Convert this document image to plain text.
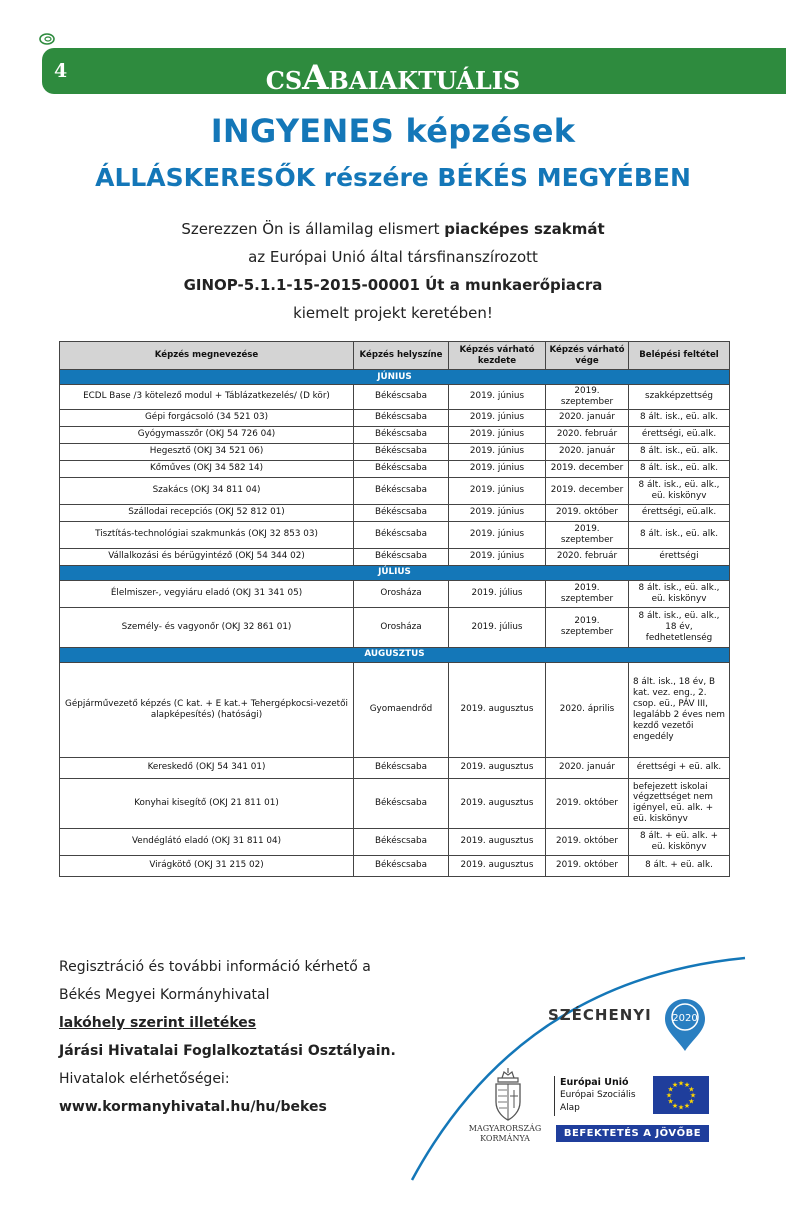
4	CSABAIAKTUÁLIS
INGYENES képzések
ÁLLÁSKERESŐK részére BÉKÉS MEGYÉBEN
Szerezzen Ön is államilag elismert piacképes szakmát
az Európai Unió által társfinanszírozott
GINOP-5.1.1-15-2015-00001 Út a munkaerőpiacra
kiemelt projekt keretében!
Képzés megnevezése	Képzés helyszíne	Képzés várható kezdete	Képzés várható vége	Belépési feltétel
JÚNIUS				
ECDL Base /3 kötelező modul + Táblázatkezelés/ (D kör)	Békéscsaba	2019. június	2019. szeptember	szakképzettség
Gépi forgácsoló (34 521 03)	Békéscsaba	2019. június	2020. január	8 ált. isk., eü. alk.
Gyógymasszőr (OKJ 54 726 04)	Békéscsaba	2019. június	2020. február	érettségi, eü.alk.
Hegesztő (OKJ 34 521 06)	Békéscsaba	2019. június	2020. január	8 ált. isk., eü. alk.
Kőműves (OKJ 34 582 14)	Békéscsaba	2019. június	2019. december	8 ált. isk., eü. alk.
Szakács (OKJ 34 811 04)	Békéscsaba	2019. június	2019. december	8 ált. isk., eü. alk., eü. kiskönyv
Szállodai recepciós (OKJ 52 812 01)	Békéscsaba	2019. június	2019. október	érettségi, eü.alk.
Tisztítás-technológiai szakmunkás (OKJ 32 853 03)	Békéscsaba	2019. június	2019. szeptember	8 ált. isk., eü. alk.
Vállalkozási és bérügyintéző (OKJ 54 344 02)	Békéscsaba	2019. június	2020. február	érettségi
JÚLIUS				
Élelmiszer-, vegyiáru eladó (OKJ 31 341 05)	Orosháza	2019. július	2019. szeptember	8 ált. isk., eü. alk., eü. kiskönyv
Személy- és vagyonőr (OKJ 32 861 01)	Orosháza	2019. július	2019. szeptember	8 ált. isk., eü. alk., 18 év, fedhetetlenség
AUGUSZTUS				
Gépjárművezető képzés (C kat. + E kat.+ Tehergépkocsi-vezetői alapképesítés) (hatósági)	Gyomaendrőd	2019. augusztus	2020. április	8 ált. isk., 18 év, B kat. vez. eng., 2. csop. eü., PÁV III, legalább 2 éves nem kezdő vezetői engedély
Kereskedő (OKJ 54 341 01)	Békéscsaba	2019. augusztus	2020. január	érettségi + eü. alk.
Konyhai kisegítő (OKJ 21 811 01)	Békéscsaba	2019. augusztus	2019. október	befejezett iskolai végzettséget nem igényel, eü. alk. + eü. kiskönyv
Vendéglátó eladó (OKJ 31 811 04)	Békéscsaba	2019. augusztus	2019. október	8 ált. + eü. alk. + eü. kiskönyv
Virágkötő (OKJ 31 215 02)	Békéscsaba	2019. augusztus	2019. október	8 ált. + eü. alk.
Regisztráció és további információ kérhető a
Békés Megyei Kormányhivatal
lakóhely szerint illetékes
Járási Hivatalai Foglalkoztatási Osztályain.
Hivatalok elérhetőségei:
www.kormanyhivatal.hu/hu/bekes
SZÉCHENYI 2020
MAGYARORSZÁG
KORMÁNYA
Európai Unió
Európai Szociális
Alap
★
★
★
★
★
★
★
★
★ ★ ★
★
BEFEKTETÉS A JÖVŐBE
